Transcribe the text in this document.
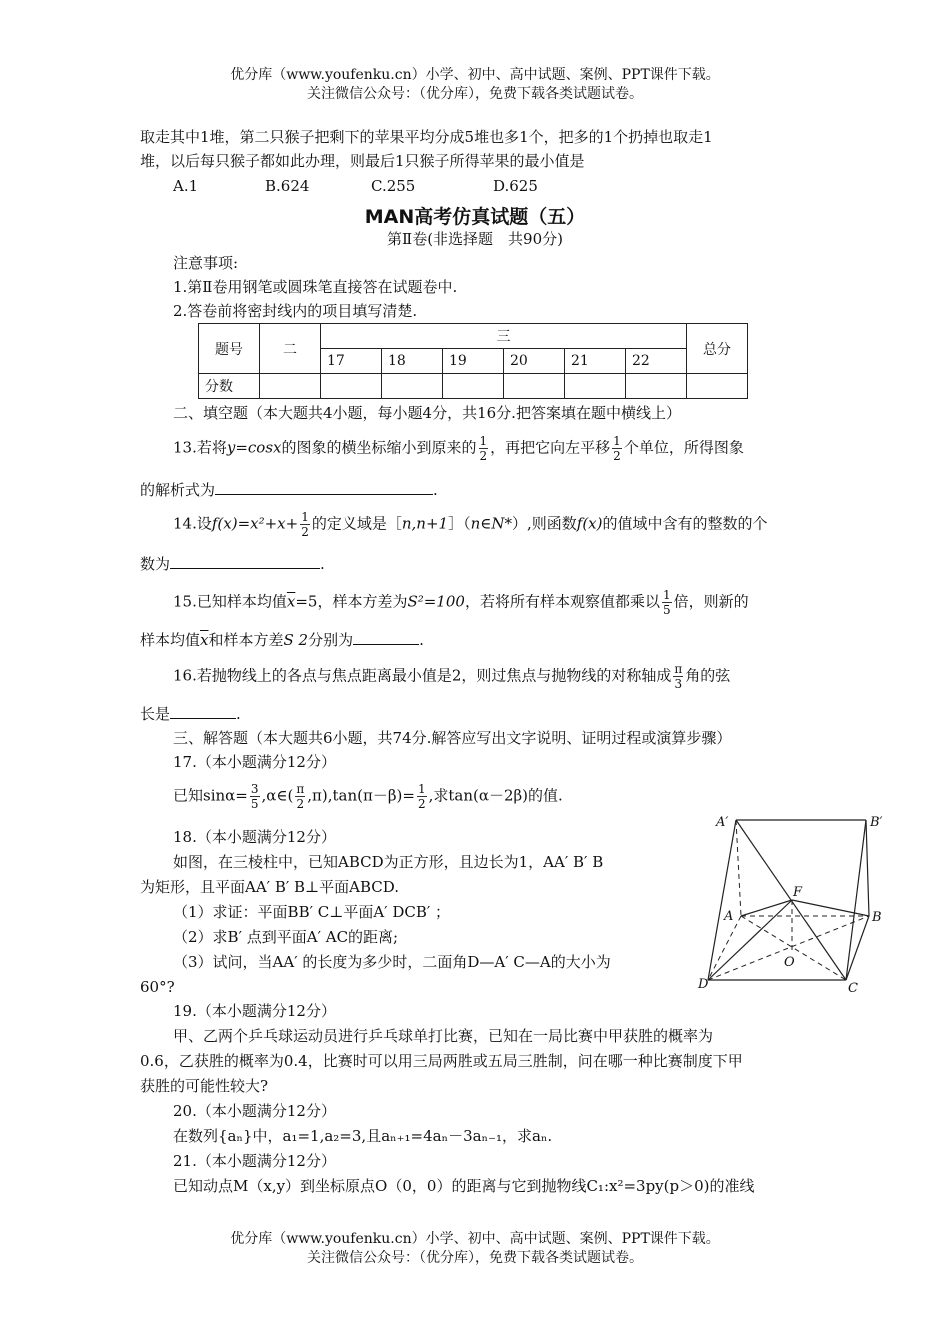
优分库（www.youfenku.cn）小学、初中、高中试题、案例、PPT课件下载。
关注微信公众号：（优分库），免费下载各类试题试卷。
取走其中1堆，第二只猴子把剩下的苹果平均分成5堆也多1个，把多的1个扔掉也取走1
堆，以后每只猴子都如此办理，则最后1只猴子所得苹果的最小值是
A.1	B.624	C.255	D.625
MAN高考仿真试题（五）
第Ⅱ卷(非选择题　共90分)
注意事项:
1.第Ⅱ卷用钢笔或圆珠笔直接答在试题卷中.
2.答卷前将密封线内的项目填写清楚.
题号	二	三						总分
		17	18	19	20	21	22	
分数								
二、填空题（本大题共4小题，每小题4分，共16分.把答案填在题中横线上）
13.若将y=cosx的图象的横坐标缩小到原来的 $\frac{1}{2}$ ，再把它向左平移 $\frac{1}{2}$ 个单位，所得图象
的解析式为	.
14.设$f(x)=x^2+x+ \frac{1}{2}$ 的定义域是［n,n+1］（n∈N*）,则函数f(x)的值域中含有的整数的个
数为	.
15.已知样本均值$\overline{x}=5$，样本方差为S²=100，若将所有样本观察值都乘以 $\frac{1}{5}$ 倍，则新的
样本均值$\overline{x}$和样本方差S 2分别为	.
16.若抛物线上的各点与焦点距离最小值是2，则过焦点与抛物线的对称轴成 $\frac{\pi}{3}$ 角的弦
长是	.
三、解答题（本大题共6小题，共74分.解答应写出文字说明、证明过程或演算步骤）
17.（本小题满分12分）
已知$\sin\alpha= \frac{3}{5}$ ,α∈( $\frac{\pi}{2} ,\pi),\tan(\pi-\beta)= \frac{1}{2}$ ,求tan(α－2β)的值.
18.（本小题满分12分）
如图，在三棱柱中，已知ABCD为正方形，且边长为1，AA′ B′ B
为矩形，且平面AA′ B′ B⊥平面ABCD.
（1）求证：平面BB′ C⊥平面A′ DCB′ ；
（2）求B′ 点到平面A′ AC的距离;
（3）试问，当AA′ 的长度为多少时，二面角D—A′ C—A的大小为
60°?
A′	B′
F
A	B
O
D	C
19.（本小题满分12分）
甲、乙两个乒乓球运动员进行乒乓球单打比赛，已知在一局比赛中甲获胜的概率为
0.6，乙获胜的概率为0.4，比赛时可以用三局两胜或五局三胜制，问在哪一种比赛制度下甲
获胜的可能性较大?
20.（本小题满分12分）
在数列{aₙ}中，a₁=1,a₂=3,且aₙ₊₁=4aₙ－3aₙ₋₁，求aₙ.
21.（本小题满分12分）
已知动点M（x,y）到坐标原点O（0，0）的距离与它到抛物线C₁:x²=3py(p＞0)的准线
优分库（www.youfenku.cn）小学、初中、高中试题、案例、PPT课件下载。
关注微信公众号：（优分库），免费下载各类试题试卷。
